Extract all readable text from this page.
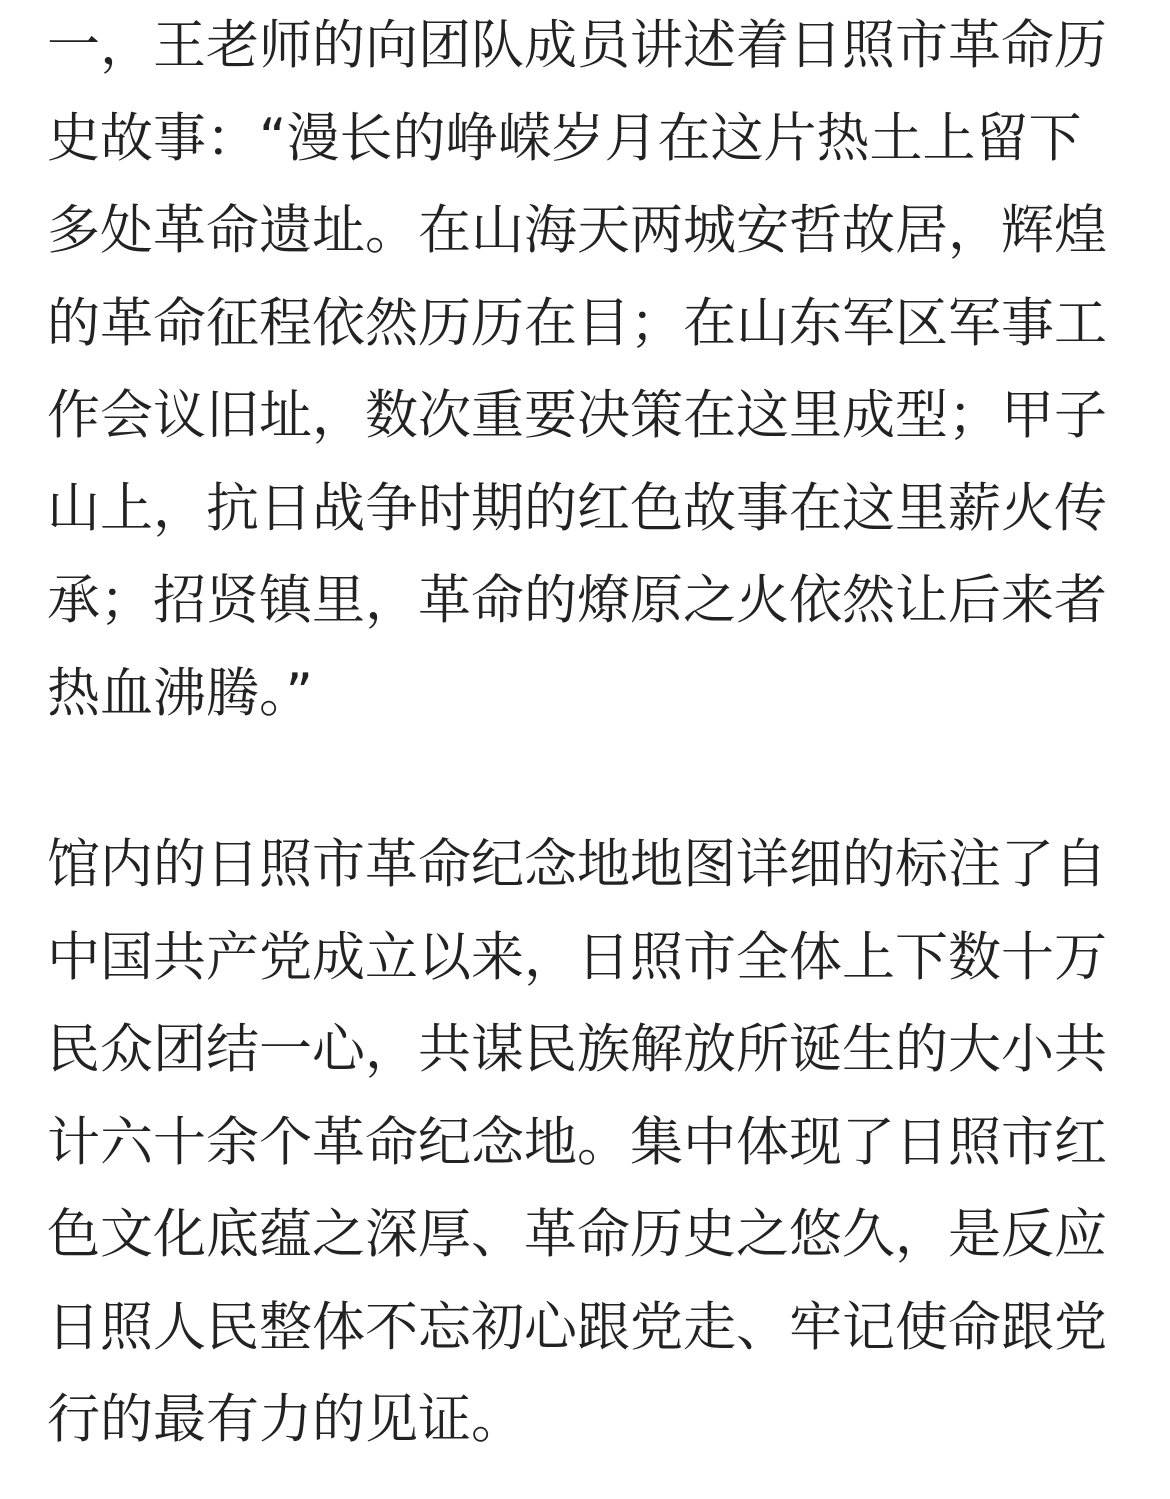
一，王老师的向团队成员讲述着日照市革命历
史故事：“漫长的峥嵘岁月在这片热土上留下
多处革命遗址。在山海天两城安哲故居，辉煌
的革命征程依然历历在目；在山东军区军事工
作会议旧址，数次重要决策在这里成型；甲子
山上，抗日战争时期的红色故事在这里薪火传
承；招贤镇里，革命的燎原之火依然让后来者
热血沸腾。”
馆内的日照市革命纪念地地图详细的标注了自
中国共产党成立以来，日照市全体上下数十万
民众团结一心，共谋民族解放所诞生的大小共
计六十余个革命纪念地。集中体现了日照市红
色文化底蕴之深厚、革命历史之悠久，是反应
日照人民整体不忘初心跟党走、牢记使命跟党
行的最有力的见证。
